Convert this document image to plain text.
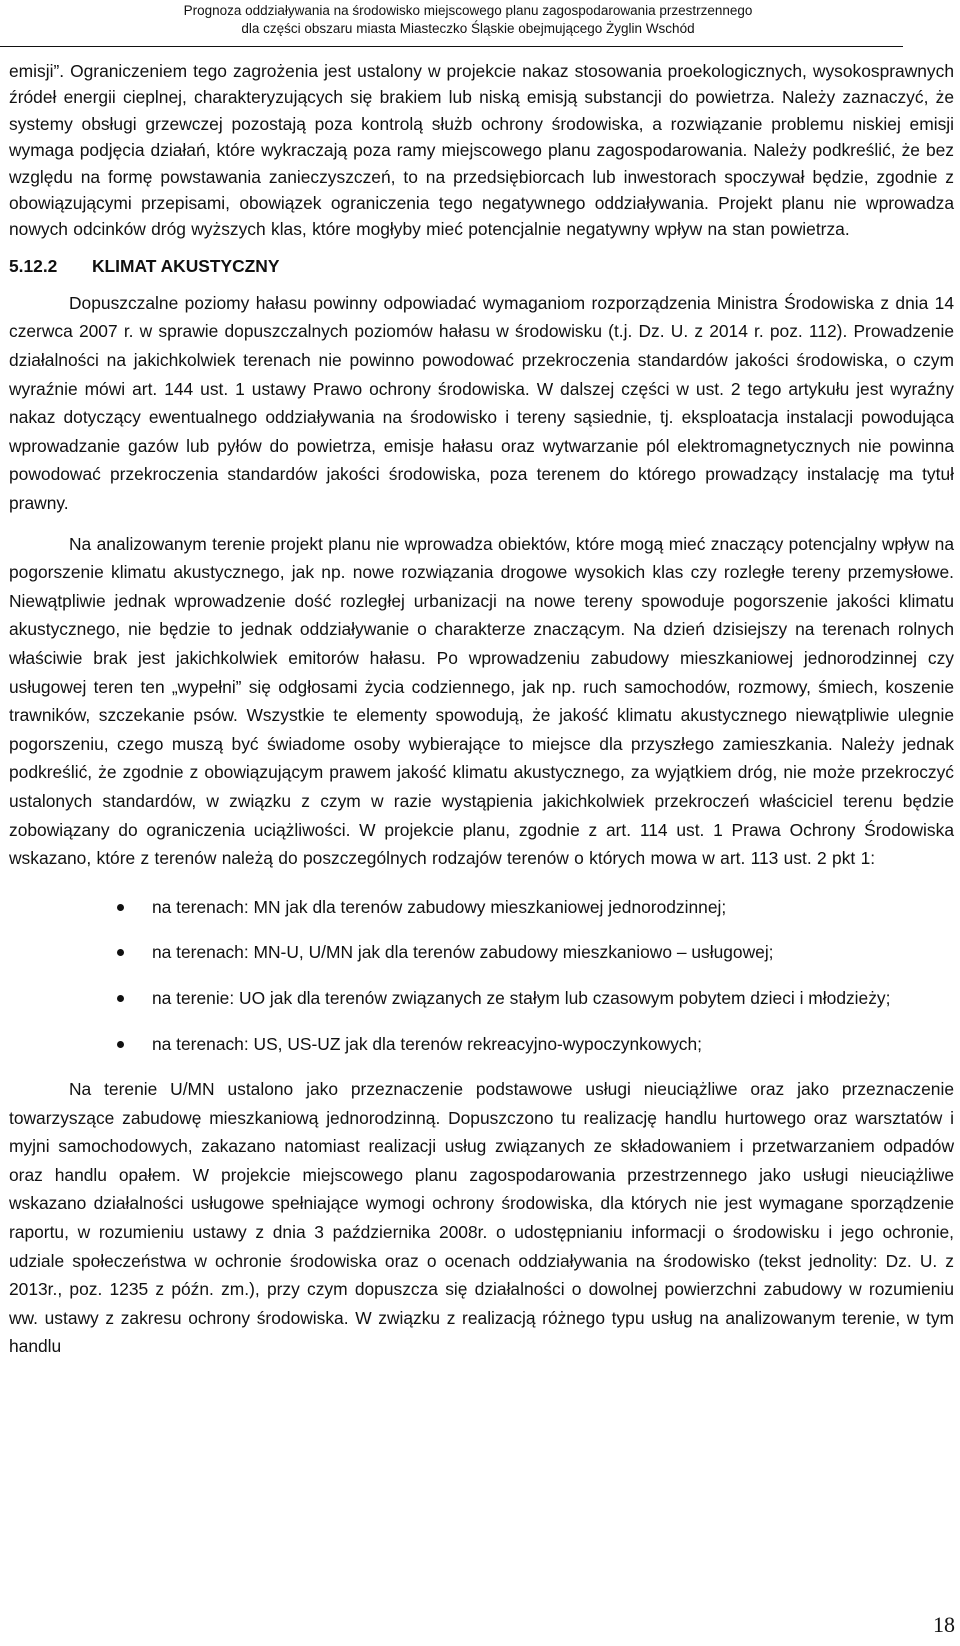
Prognoza oddziaływania na środowisko miejscowego planu zagospodarowania przestrzennego
dla części obszaru miasta Miasteczko Śląskie obejmującego Żyglin Wschód

emisji”. Ograniczeniem tego zagrożenia jest ustalony w projekcie nakaz stosowania proekologicznych, wysokosprawnych źródeł energii cieplnej, charakteryzujących się brakiem lub niską emisją substancji do powietrza. Należy zaznaczyć, że systemy obsługi grzewczej pozostają poza kontrolą służb ochrony środowiska, a rozwiązanie problemu niskiej emisji wymaga podjęcia działań, które wykraczają poza ramy miejscowego planu zagospodarowania. Należy podkreślić, że bez względu na formę powstawania zanieczyszczeń, to na przedsiębiorcach lub inwestorach spoczywał będzie, zgodnie z obowiązującymi przepisami, obowiązek ograniczenia tego negatywnego oddziaływania. Projekt planu nie wprowadza nowych odcinków dróg wyższych klas, które mogłyby mieć potencjalnie negatywny wpływ na stan powietrza.

5.12.2	KLIMAT AKUSTYCZNY

Dopuszczalne poziomy hałasu powinny odpowiadać wymaganiom rozporządzenia Ministra Środowiska z dnia 14 czerwca 2007 r. w sprawie dopuszczalnych poziomów hałasu w środowisku (t.j. Dz. U. z 2014 r. poz. 112). Prowadzenie działalności na jakichkolwiek terenach nie powinno powodować przekroczenia standardów jakości środowiska, o czym wyraźnie mówi art. 144 ust. 1 ustawy Prawo ochrony środowiska. W dalszej części w ust. 2 tego artykułu jest wyraźny nakaz dotyczący ewentualnego oddziaływania na środowisko i tereny sąsiednie, tj. eksploatacja instalacji powodująca wprowadzanie gazów lub pyłów do powietrza, emisje hałasu oraz wytwarzanie pól elektromagnetycznych nie powinna powodować przekroczenia standardów jakości środowiska, poza terenem do którego prowadzący instalację ma tytuł prawny.

Na analizowanym terenie projekt planu nie wprowadza obiektów, które mogą mieć znaczący potencjalny wpływ na pogorszenie klimatu akustycznego, jak np. nowe rozwiązania drogowe wysokich klas czy rozległe tereny przemysłowe. Niewątpliwie jednak wprowadzenie dość rozległej urbanizacji na nowe tereny spowoduje pogorszenie jakości klimatu akustycznego, nie będzie to jednak oddziaływanie o charakterze znaczącym. Na dzień dzisiejszy na terenach rolnych właściwie brak jest jakichkolwiek emitorów hałasu. Po wprowadzeniu zabudowy mieszkaniowej jednorodzinnej czy usługowej teren ten „wypełni” się odgłosami życia codziennego, jak np. ruch samochodów, rozmowy, śmiech, koszenie trawników, szczekanie psów. Wszystkie te elementy spowodują, że jakość klimatu akustycznego niewątpliwie ulegnie pogorszeniu, czego muszą być świadome osoby wybierające to miejsce dla przyszłego zamieszkania. Należy jednak podkreślić, że zgodnie z obowiązującym prawem jakość klimatu akustycznego, za wyjątkiem dróg, nie może przekroczyć ustalonych standardów, w związku z czym w razie wystąpienia jakichkolwiek przekroczeń właściciel terenu będzie zobowiązany do ograniczenia uciążliwości. W projekcie planu, zgodnie z art. 114 ust. 1 Prawa Ochrony Środowiska wskazano, które z terenów należą do poszczególnych rodzajów terenów o których mowa w art. 113 ust. 2 pkt 1:

na terenach: MN jak dla terenów zabudowy mieszkaniowej jednorodzinnej;
na terenach: MN-U, U/MN jak dla terenów zabudowy mieszkaniowo – usługowej;
na terenie: UO jak dla terenów związanych ze stałym lub czasowym pobytem dzieci i młodzieży;
na terenach: US, US-UZ jak dla terenów rekreacyjno-wypoczynkowych;

Na terenie U/MN ustalono jako przeznaczenie podstawowe usługi nieuciążliwe oraz jako przeznaczenie towarzyszące zabudowę mieszkaniową jednorodzinną. Dopuszczono tu realizację handlu hurtowego oraz warsztatów i myjni samochodowych, zakazano natomiast realizacji usług związanych ze składowaniem i przetwarzaniem odpadów oraz handlu opałem. W projekcie miejscowego planu zagospodarowania przestrzennego jako usługi nieuciążliwe wskazano działalności usługowe spełniające wymogi ochrony środowiska, dla których nie jest wymagane sporządzenie raportu, w rozumieniu ustawy z dnia 3 października 2008r. o udostępnianiu informacji o środowisku i jego ochronie, udziale społeczeństwa w ochronie środowiska oraz o ocenach oddziaływania na środowisko (tekst jednolity: Dz. U. z 2013r., poz. 1235 z późn. zm.), przy czym dopuszcza się działalności o dowolnej powierzchni zabudowy w rozumieniu ww. ustawy z zakresu ochrony środowiska. W związku z realizacją różnego typu usług na analizowanym terenie, w tym handlu

18
